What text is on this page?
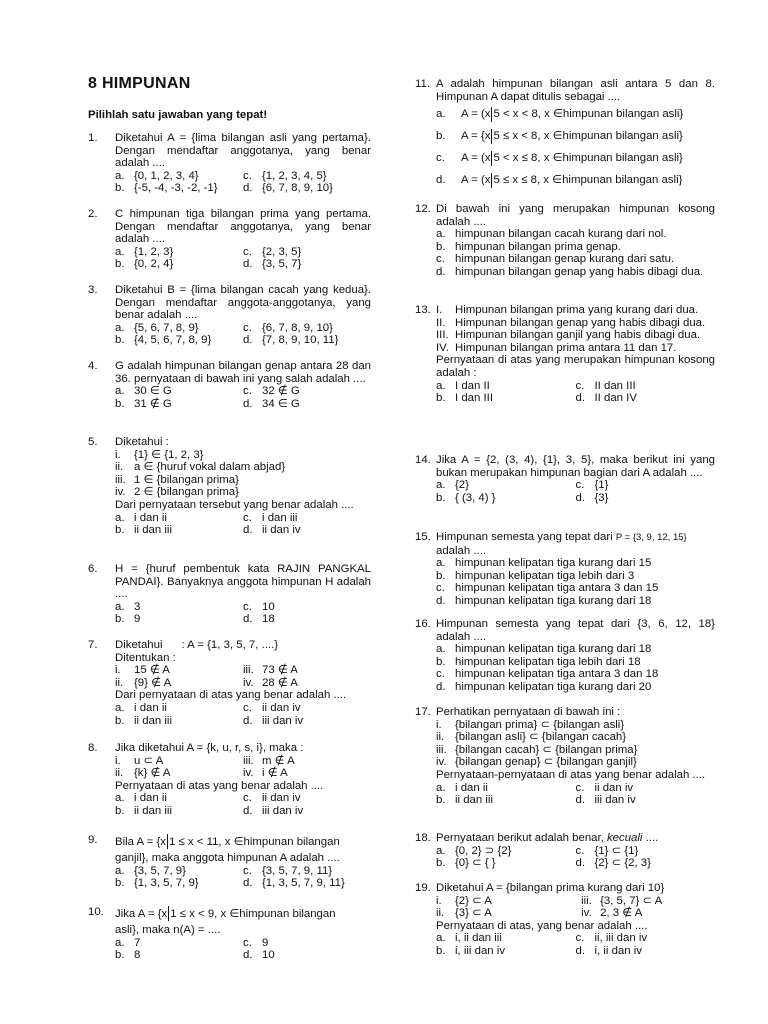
8 HIMPUNAN

Pilihlah satu jawaban yang tepat!

1. Diketahui A = {lima bilangan asli yang pertama}. Dengan mendaftar anggotanya, yang benar adalah ....
a. {0, 1, 2, 3, 4}	c. {1, 2, 3, 4, 5}
b. {-5, -4, -3, -2, -1} d. {6, 7, 8, 9, 10}
2. C himpunan tiga bilangan prima yang pertama. Dengan mendaftar anggotanya, yang benar adalah ....
a. {1, 2, 3}	c. {2, 3, 5}
b. {0, 2, 4}	d. {3, 5, 7}
3. Diketahui B = {lima bilangan cacah yang kedua}. Dengan mendaftar anggota-anggotanya, yang benar adalah ....
a. {5, 6, 7, 8, 9}	c. {6, 7, 8, 9, 10}
b. {4, 5, 6, 7, 8, 9}	d. {7, 8, 9, 10, 11}
4. G adalah himpunan bilangan genap antara 28 dan 36. pernyataan di bawah ini yang salah adalah ....
a. 30 ∈ G	c. 32 ∉ G
b. 31 ∉ G	d. 34 ∈ G
5. Diketahui :
i.	{1} ∈ {1, 2, 3}
ii. a ∈ {huruf vokal dalam abjad}
iii. 1 ∈ {bilangan prima}
iv. 2 ∈ {bilangan prima}
Dari pernyataan tersebut yang benar adalah ....
a. i dan ii	c. i dan iii
b. ii dan iii	d. ii dan iv
6. H = {huruf pembentuk kata RAJIN PANGKAL PANDAI}. Banyaknya anggota himpunan H adalah ....
a. 3	c. 10
b. 9	d. 18
7. Diketahui      : A = {1, 3, 5, 7, ....}
Ditentukan :
i.	15 ∉ A	iii. 73 ∉ A
ii. {9} ∉ A	iv. 28 ∉ A
Dari pernyataan di atas yang benar adalah ....
a. i dan ii	c. ii dan iv
b. ii dan iii	d. iii dan iv
8. Jika diketahui A = {k, u, r, s, i}, maka :
i.	u ⊂ A	iii. m ∉ A
ii. {k} ∉ A	iv. i ∉ A
Pernyataan di atas yang benar adalah ....
a. i dan ii	c. ii dan iv
b. ii dan iii	d. iii dan iv
9. Bila A = {x 1 ≤ x < 11, x ∈himpunan bilangan
ganjil}, maka anggota himpunan A adalah ....
a. {3, 5, 7, 9}	c. {3, 5, 7, 9, 11}
b. {1, 3, 5, 7, 9}	d. {1, 3, 5, 7, 9, 11}
10. Jika A = {x 1 ≤ x < 9, x ∈himpunan bilangan
asli}, maka n(A) = ....
a. 7	c. 9
b. 8	d. 10
11. A adalah himpunan bilangan asli antara 5 dan 8. Himpunan A dapat ditulis sebagai ....
a.	A = (x 5 < x < 8, x ∈himpunan bilangan asli}
b.	A = {x 5 ≤ x < 8, x ∈himpunan bilangan asli}
c.	A = (x 5 < x ≤ 8, x ∈himpunan bilangan asli}
d.	A = (x 5 ≤ x ≤ 8, x ∈himpunan bilangan asli}
12. Di bawah ini yang merupakan himpunan kosong adalah ....
a. himpunan bilangan cacah kurang dari nol.
b. himpunan bilangan prima genap.
c. himpunan bilangan genap kurang dari satu.
d. himpunan bilangan genap yang habis dibagi dua.
13. I.	Himpunan bilangan prima yang kurang dari dua.
II. Himpunan bilangan genap yang habis dibagi dua.
III. Himpunan bilangan ganjil yang habis dibagi dua.
IV. Himpunan bilangan prima antara 11 dan 17.
Pernyataan di atas yang merupakan himpunan kosong adalah :
a. I dan II	c. II dan III
b. I dan III	d. II dan IV
14. Jika A = {2, (3, 4), {1}, 3, 5}, maka berikut ini yang bukan merupakan himpunan bagian dari A adalah ....
a. {2}	c. {1}
b. { (3, 4) }	d. {3}
15. Himpunan semesta yang tepat dari P = {3, 9, 12, 15}
adalah ....
a. himpunan kelipatan tiga kurang dari 15
b. himpunan kelipatan tiga lebih dari 3
c. himpunan kelipatan tiga antara 3 dan 15
d. himpunan kelipatan tiga kurang dari 18
16. Himpunan semesta yang tepat dari {3, 6, 12, 18} adalah ....
a. himpunan kelipatan tiga kurang dari 18
b. himpunan kelipatan tiga lebih dari 18
c. himpunan kelipatan tiga antara 3 dan 18
d. himpunan kelipatan tiga kurang dari 20
17. Perhatikan pernyataan di bawah ini :
i.	{bilangan prima} ⊂ {bilangan asli}
ii. {bilangan asli} ⊂ {bilangan cacah}
iii. {bilangan cacah} ⊂ {bilangan prima}
iv. {bilangan genap} ⊂ {bilangan ganjil}
Pernyataan-pernyataan di atas yang benar adalah ....
a. i dan ii	c. ii dan iv
b. ii dan iii	d. iii dan iv
18. Pernyataan berikut adalah benar, kecuali ....
a. {0, 2} ⊃ {2}	c. {1} ⊂ {1}
b. {0} ⊂ { }	d. {2} ⊂ {2, 3}
19. Diketahui A = {bilangan prima kurang dari 10}
i.	{2} ⊂ A	iii. {3, 5, 7} ⊂ A
ii. {3} ⊂ A	iv. 2, 3 ∉ A
Pernyataan di atas, yang benar adalah ....
a. i, ii dan iii	c. ii, iii dan iv
b. i, iii dan iv	d. i, ii dan iv
